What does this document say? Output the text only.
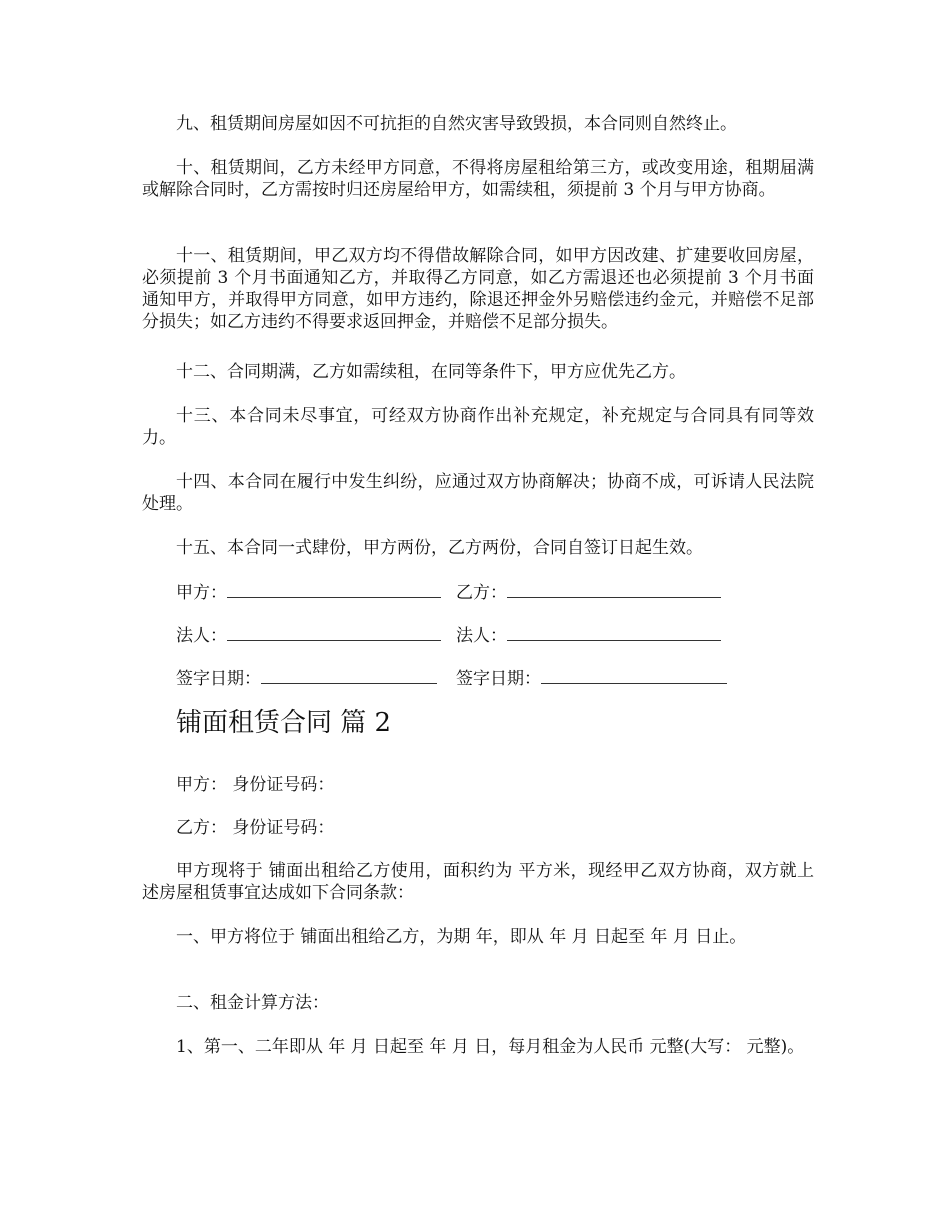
九、租赁期间房屋如因不可抗拒的自然灾害导致毁损，本合同则自然终止。

十、租赁期间，乙方未经甲方同意，不得将房屋租给第三方，或改变用途，租期届满或解除合同时，乙方需按时归还房屋给甲方，如需续租，须提前 3 个月与甲方协商。

十一、租赁期间，甲乙双方均不得借故解除合同，如甲方因改建、扩建要收回房屋，必须提前 3 个月书面通知乙方，并取得乙方同意，如乙方需退还也必须提前 3 个月书面通知甲方，并取得甲方同意，如甲方违约，除退还押金外另赔偿违约金元，并赔偿不足部分损失；如乙方违约不得要求返回押金，并赔偿不足部分损失。

十二、合同期满，乙方如需续租，在同等条件下，甲方应优先乙方。

十三、本合同未尽事宜，可经双方协商作出补充规定，补充规定与合同具有同等效力。

十四、本合同在履行中发生纠纷，应通过双方协商解决；协商不成，可诉请人民法院处理。

十五、本合同一式肆份，甲方两份，乙方两份，合同自签订日起生效。

甲方：	乙方：
法人：	法人：
签字日期：	签字日期：
铺面租赁合同 篇 2

甲方： 身份证号码：

乙方： 身份证号码：

甲方现将于 铺面出租给乙方使用，面积约为 平方米，现经甲乙双方协商，双方就上述房屋租赁事宜达成如下合同条款：

一、甲方将位于 铺面出租给乙方，为期 年，即从 年 月 日起至 年 月 日止。

二、租金计算方法：

1、第一、二年即从 年 月 日起至 年 月 日，每月租金为人民币 元整(大写： 元整)。
